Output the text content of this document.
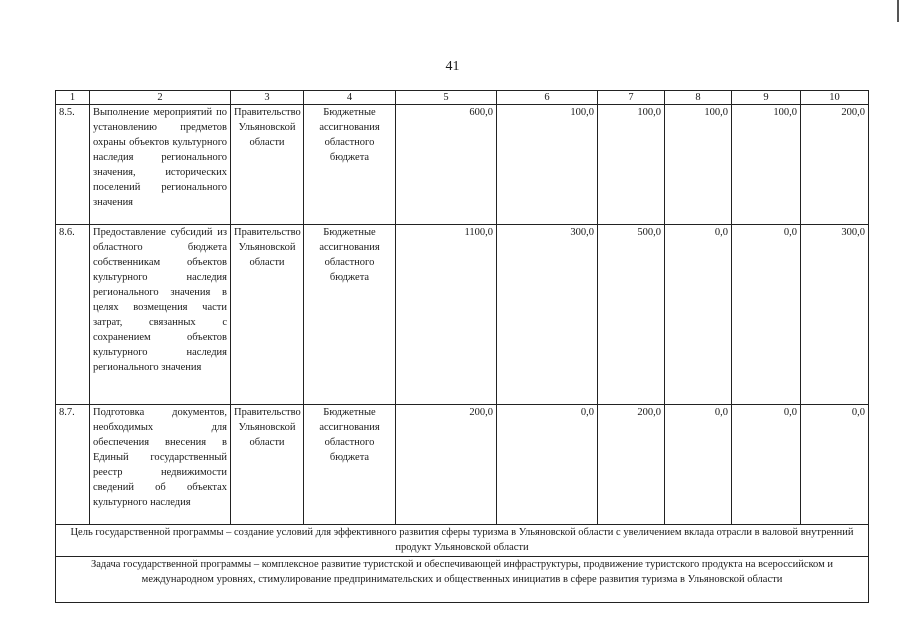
41
1	2	3	4	5	6	7	8	9	10
8.5.	Выполнение мероприятий по установлению предметов охраны объектов культурного наследия регионального значения, исторических поселений регионального значения	Правительство Ульяновской области	Бюджетные ассигнования областного бюджета	600,0	100,0	100,0	100,0	100,0	200,0
8.6.	Предоставление субсидий из областного бюджета собственникам объектов культурного наследия регионального значения в целях возмещения части затрат, связанных с сохранением объектов культурного наследия регионального значения	Правительство Ульяновской области	Бюджетные ассигнования областного бюджета	1100,0	300,0	500,0	0,0	0,0	300,0
8.7.	Подготовка документов, необходимых для обеспечения внесения в Единый государственный реестр недвижимости сведений об объектах культурного наследия	Правительство Ульяновской области	Бюджетные ассигнования областного бюджета	200,0	0,0	200,0	0,0	0,0	0,0
Цель государственной программы – создание условий для эффективного развития сферы туризма в Ульяновской области с увеличением вклада отрасли в валовой внутренний продукт Ульяновской области									
Задача государственной программы – комплексное развитие туристской и обеспечивающей инфраструктуры, продвижение туристского продукта на всероссийском и международном уровнях, стимулирование предпринимательских и общественных инициатив в сфере развития туризма в Ульяновской области									
